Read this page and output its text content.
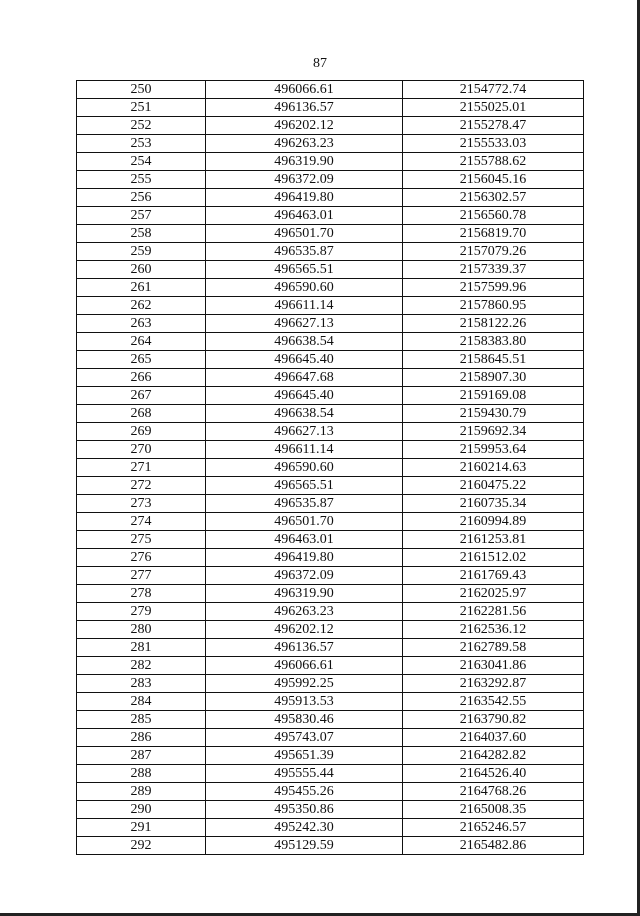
87
250	496066.61	2154772.74
251	496136.57	2155025.01
252	496202.12	2155278.47
253	496263.23	2155533.03
254	496319.90	2155788.62
255	496372.09	2156045.16
256	496419.80	2156302.57
257	496463.01	2156560.78
258	496501.70	2156819.70
259	496535.87	2157079.26
260	496565.51	2157339.37
261	496590.60	2157599.96
262	496611.14	2157860.95
263	496627.13	2158122.26
264	496638.54	2158383.80
265	496645.40	2158645.51
266	496647.68	2158907.30
267	496645.40	2159169.08
268	496638.54	2159430.79
269	496627.13	2159692.34
270	496611.14	2159953.64
271	496590.60	2160214.63
272	496565.51	2160475.22
273	496535.87	2160735.34
274	496501.70	2160994.89
275	496463.01	2161253.81
276	496419.80	2161512.02
277	496372.09	2161769.43
278	496319.90	2162025.97
279	496263.23	2162281.56
280	496202.12	2162536.12
281	496136.57	2162789.58
282	496066.61	2163041.86
283	495992.25	2163292.87
284	495913.53	2163542.55
285	495830.46	2163790.82
286	495743.07	2164037.60
287	495651.39	2164282.82
288	495555.44	2164526.40
289	495455.26	2164768.26
290	495350.86	2165008.35
291	495242.30	2165246.57
292	495129.59	2165482.86
